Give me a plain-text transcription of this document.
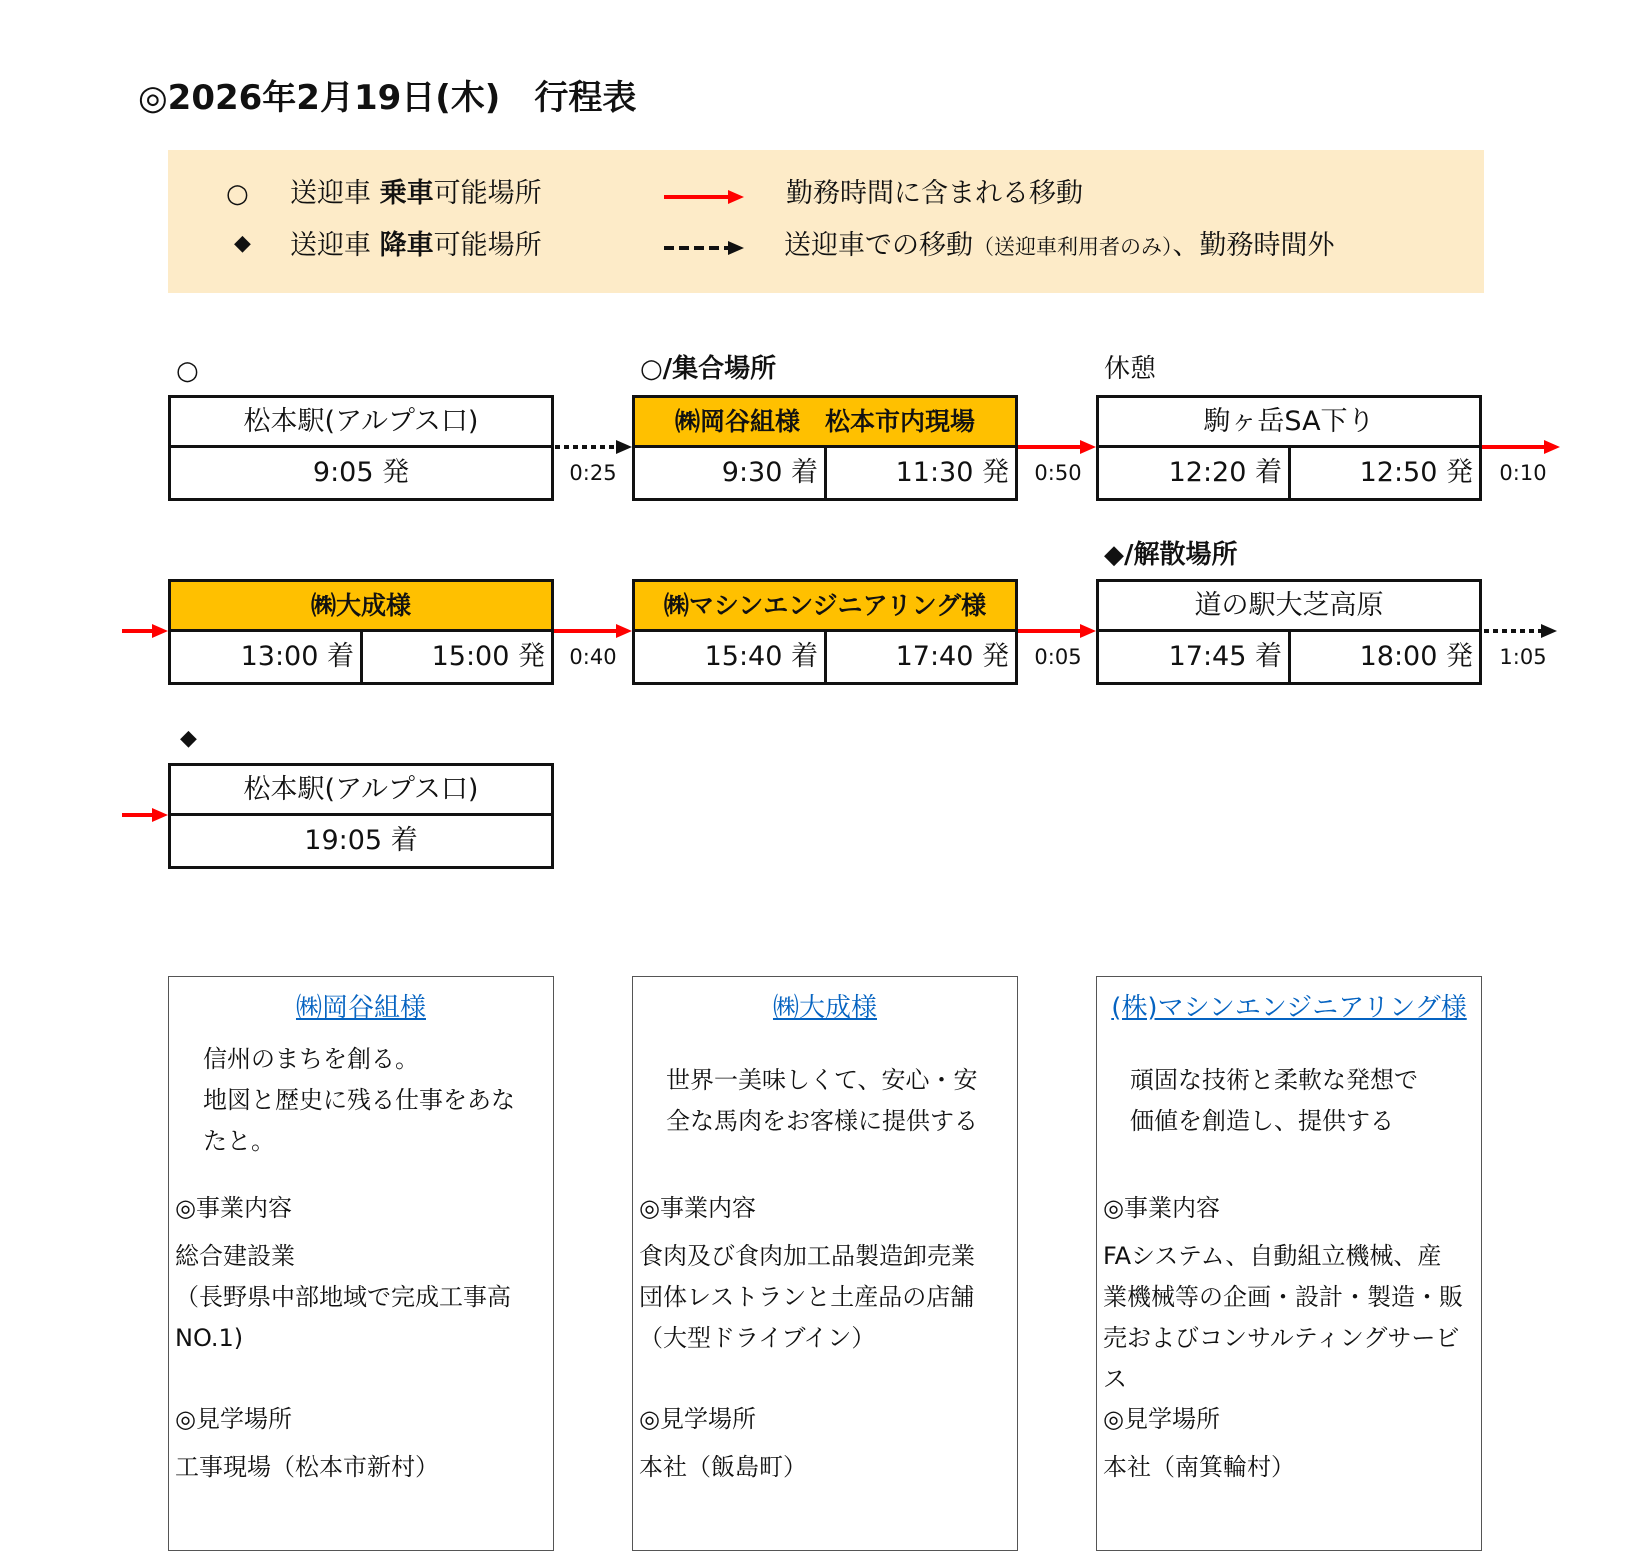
◎2026年2月19日(木)　行程表
○ 送迎車 乗車可能場所
◆ 送迎車 降車可能場所
勤務時間に含まれる移動
送迎車での移動（送迎車利用者のみ）、勤務時間外
○
松本駅(アルプス口)
9:05 発	0:25
○/集合場所
㈱岡谷組様　松本市内現場
9:30 着	11:30 発	0:50
休憩
駒ヶ岳SA下り
12:20 着	12:50 発	0:10
㈱大成様
13:00 着	15:00 発	0:40
㈱マシンエンジニアリング様
15:40 着	17:40 発	0:05
◆/解散場所
道の駅大芝高原
17:45 着	18:00 発	1:05
◆
松本駅(アルプス口)
19:05 着
㈱岡谷組様
信州のまちを創る。
地図と歴史に残る仕事をあな
たと。
◎事業内容
総合建設業
（長野県中部地域で完成工事高
NO.1)
◎見学場所
工事現場（松本市新村）
㈱大成様
世界一美味しくて、安心・安
全な馬肉をお客様に提供する
◎事業内容
食肉及び食肉加工品製造卸売業
団体レストランと土産品の店舗
（大型ドライブイン）
◎見学場所
本社（飯島町）
(株)マシンエンジニアリング様
頑固な技術と柔軟な発想で
価値を創造し、提供する
◎事業内容
FAシステム、自動組立機械、産
業機械等の企画・設計・製造・販
売およびコンサルティングサービ
ス
◎見学場所
本社（南箕輪村）
